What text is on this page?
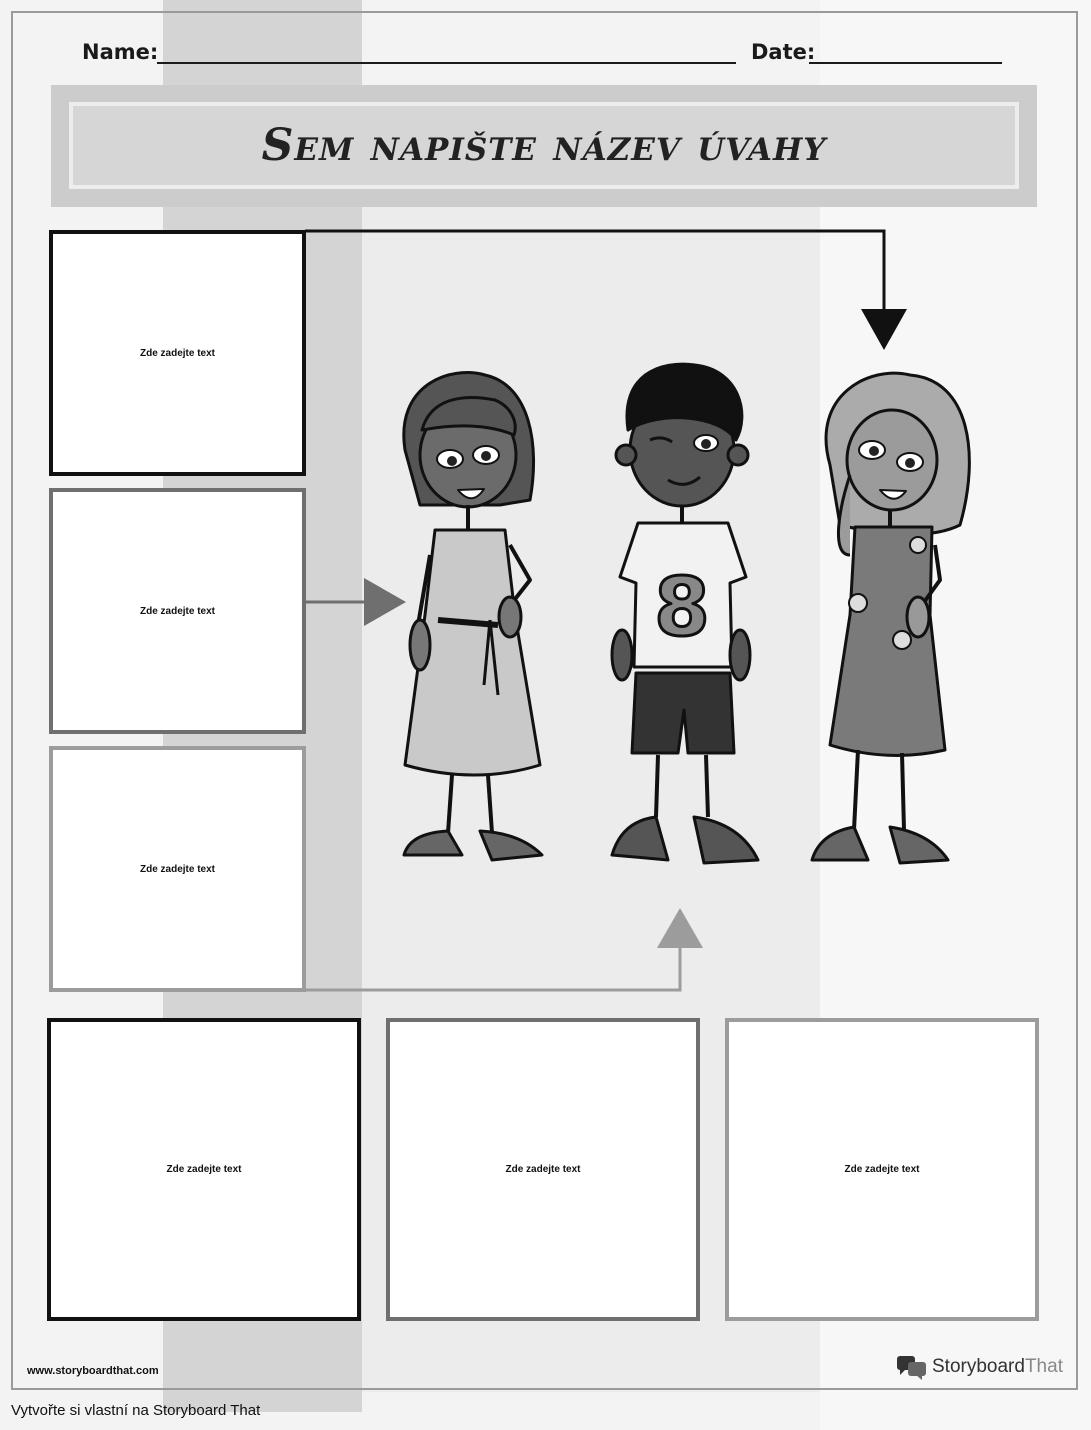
Name:	Date:
Sem napište název úvahy
Zde zadejte text
Zde zadejte text
Zde zadejte text
Zde zadejte text	Zde zadejte text	Zde zadejte text
8
www.storyboardthat.com	StoryboardThat
Vytvořte si vlastní na Storyboard That
